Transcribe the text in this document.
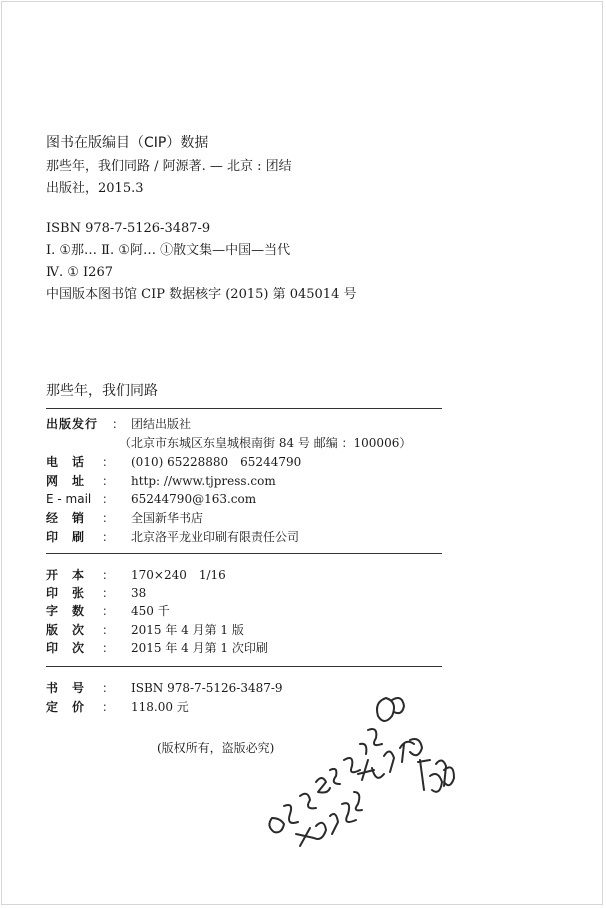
图书在版编目（CIP）数据
那些年，我们同路 / 阿源著. — 北京 : 团结
出版社，2015.3
ISBN 978-7-5126-3487-9
Ⅰ. ①那… Ⅱ. ①阿… ①散文集—中国—当代
Ⅳ. ① I267
中国版本图书馆 CIP 数据核字 (2015) 第 045014 号
那些年，我们同路
出版发行 ： 团结出版社
（北京市东城区东皇城根南街 84 号 邮编 ：100006）
电　话 ： (010) 65228880　65244790
网　址 ： http: //www.tjpress.com
E - mail ： 65244790@163.com
经　销 ： 全国新华书店
印　刷 ： 北京洛平龙业印刷有限责任公司
开　本 ： 170×240　1/16
印　张 ： 38
字　数 ： 450 千
版　次 ： 2015 年 4 月第 1 版
印　次 ： 2015 年 4 月第 1 次印刷
书　号 ： ISBN 978-7-5126-3487-9
定　价 ： 118.00 元
(版权所有，盗版必究)
